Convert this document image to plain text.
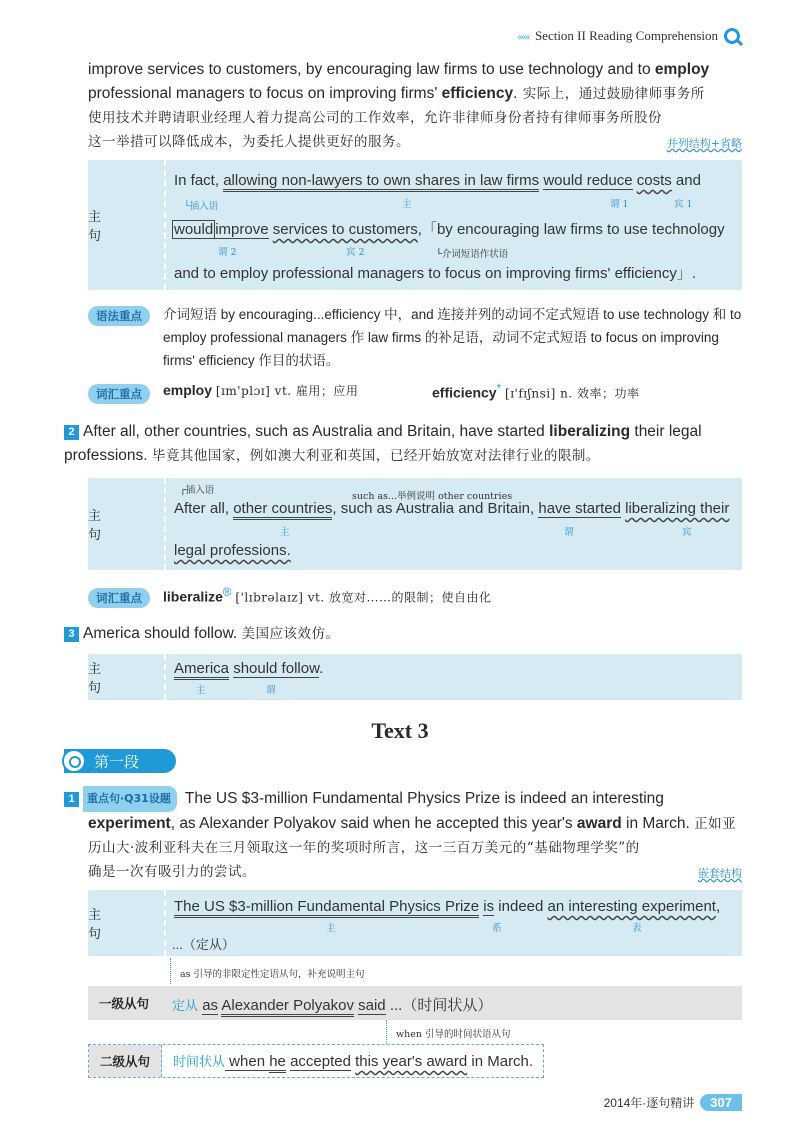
‹‹‹‹‹‹ Section II Reading Comprehension
improve services to customers, by encouraging law firms to use technology and to employ
professional managers to focus on improving firms' efficiency. 实际上，通过鼓励律师事务所
使用技术并聘请职业经理人着力提高公司的工作效率，允许非律师身份者持有律师事务所股份
这一举措可以降低成本，为委托人提供更好的服务。	并列结构+省略
主 句
In fact, allowing non-lawyers to own shares in law firms would reduce costs and
└插入语	主	谓 1	宾 1
would improve services to customers,「by encouraging law firms to use technology
谓 2	宾 2	└介词短语作状语
and to employ professional managers to focus on improving firms' efficiency」.
语法重点	介词短语 by encouraging...efficiency 中，and 连接并列的动词不定式短语 to use technology 和 to employ professional managers 作 law firms 的补足语，动词不定式短语 to focus on improving firms' efficiency 作目的状语。
词汇重点	employ [ɪm'plɔɪ] vt. 雇用；应用	efficiency* [ɪ'fɪʃnsi] n. 效率；功率
2 After all, other countries, such as Australia and Britain, have started liberalizing their legal
professions. 毕竟其他国家，例如澳大利亚和英国，已经开始放宽对法律行业的限制。
主 句
┌插入语
such as...举例说明 other countries
After all, other countries, such as Australia and Britain, have started liberalizing their
主	谓	宾
legal professions.
词汇重点	liberalize® ['lɪbrəlaɪz] vt. 放宽对……的限制；使自由化
3 America should follow. 美国应该效仿。
主 句
America should follow.
主	谓
Text 3
第一段
1 重点句·Q31设题 The US $3-million Fundamental Physics Prize is indeed an interesting
experiment, as Alexander Polyakov said when he accepted this year's award in March. 正如亚
历山大·波利亚科夫在三月领取这一年的奖项时所言，这一三百万美元的“基础物理学奖”的
确是一次有吸引力的尝试。	嵌套结构
主 句
The US $3-million Fundamental Physics Prize is indeed an interesting experiment,
主	系	表
...（定从）
as 引导的非限定性定语从句，补充说明主句
一级从句	定从 as Alexander Polyakov said ...（时间状从）
when 引导的时间状语从句
二级从句	时间状从 when he accepted this year's award in March.
2014年·逐句精讲	307
